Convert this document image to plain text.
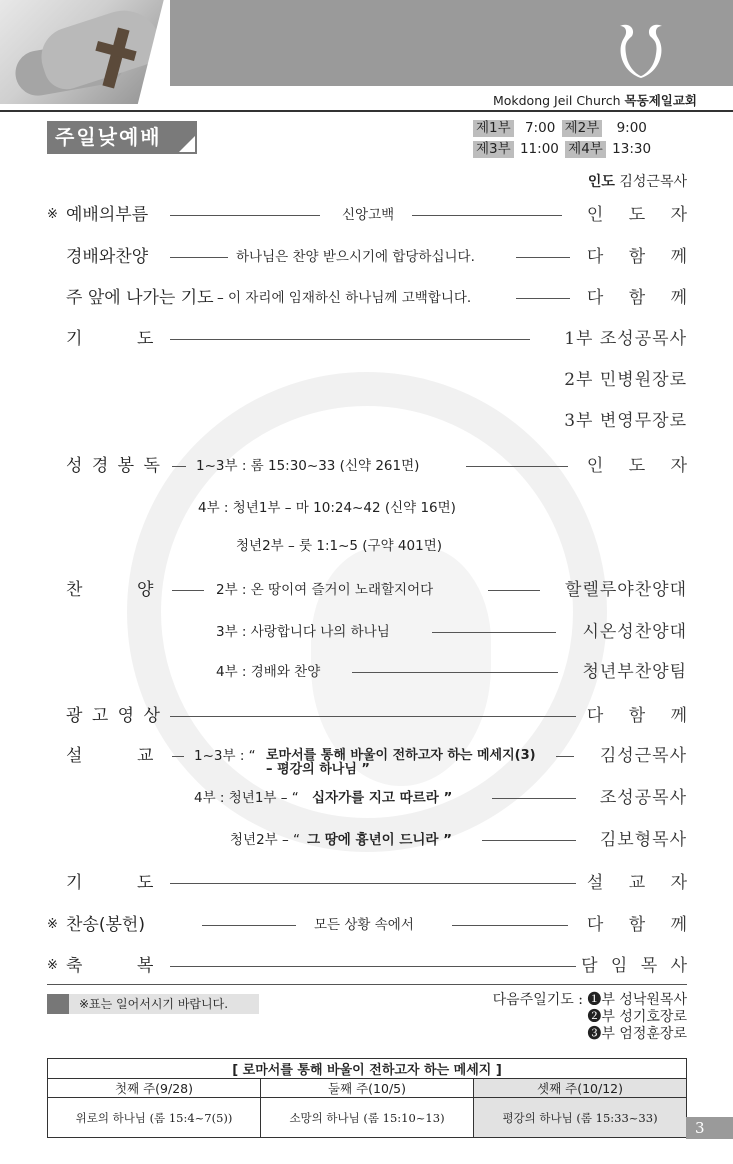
Mokdong Jeil Church 목동제일교회
주일낮예배	제1부 7:00 제2부 9:00
제3부 11:00 제4부 13:30
인도 김성근목사
※ 예배의부름	신앙고백	인 도 자
경배와찬양	하나님은 찬양 받으시기에 합당하십니다.	다 함 께
주 앞에 나가는 기도 – 이 자리에 임재하신 하나님께 고백합니다.	다 함 께
기	도	1부 조성공목사
2부 민병원장로
3부 변영무장로
성 경 봉 독	1~3부 : 롬 15:30~33 (신약 261면)	인 도 자
4부 : 청년1부 – 마 10:24~42 (신약 16면)
청년2부 – 룻 1:1~5 (구약 401면)
찬	양	2부 : 온 땅이여 즐거이 노래할지어다	할렐루야찬양대
3부 : 사랑합니다 나의 하나님	시온성찬양대
4부 : 경배와 찬양	청년부찬양팀
광 고 영 상	다 함 께
설	교	1~3부 : “ 로마서를 통해 바울이 전하고자 하는 메세지(3)	김성근목사
– 평강의 하나님 ”
4부 : 청년1부 – “ 십자가를 지고 따르라 ”	조성공목사
청년2부 – “ 그 땅에 흉년이 드니라 ”	김보형목사
기	도	설 교 자
※ 찬송(봉헌)	모든 상황 속에서	다 함 께
※ 축	복	담 임 목 사
※표는 일어서시기 바랍니다.	다음주일기도 : ❶부 성낙원목사
❷부 성기호장로
❸부 엄정훈장로
[ 로마서를 통해 바울이 전하고자 하는 메세지 ]		
첫째 주(9/28)	둘째 주(10/5)	셋째 주(10/12)
위로의 하나님 (롬 15:4~7(5))	소망의 하나님 (롬 15:10~13)	평강의 하나님 (롬 15:33~33)
3
